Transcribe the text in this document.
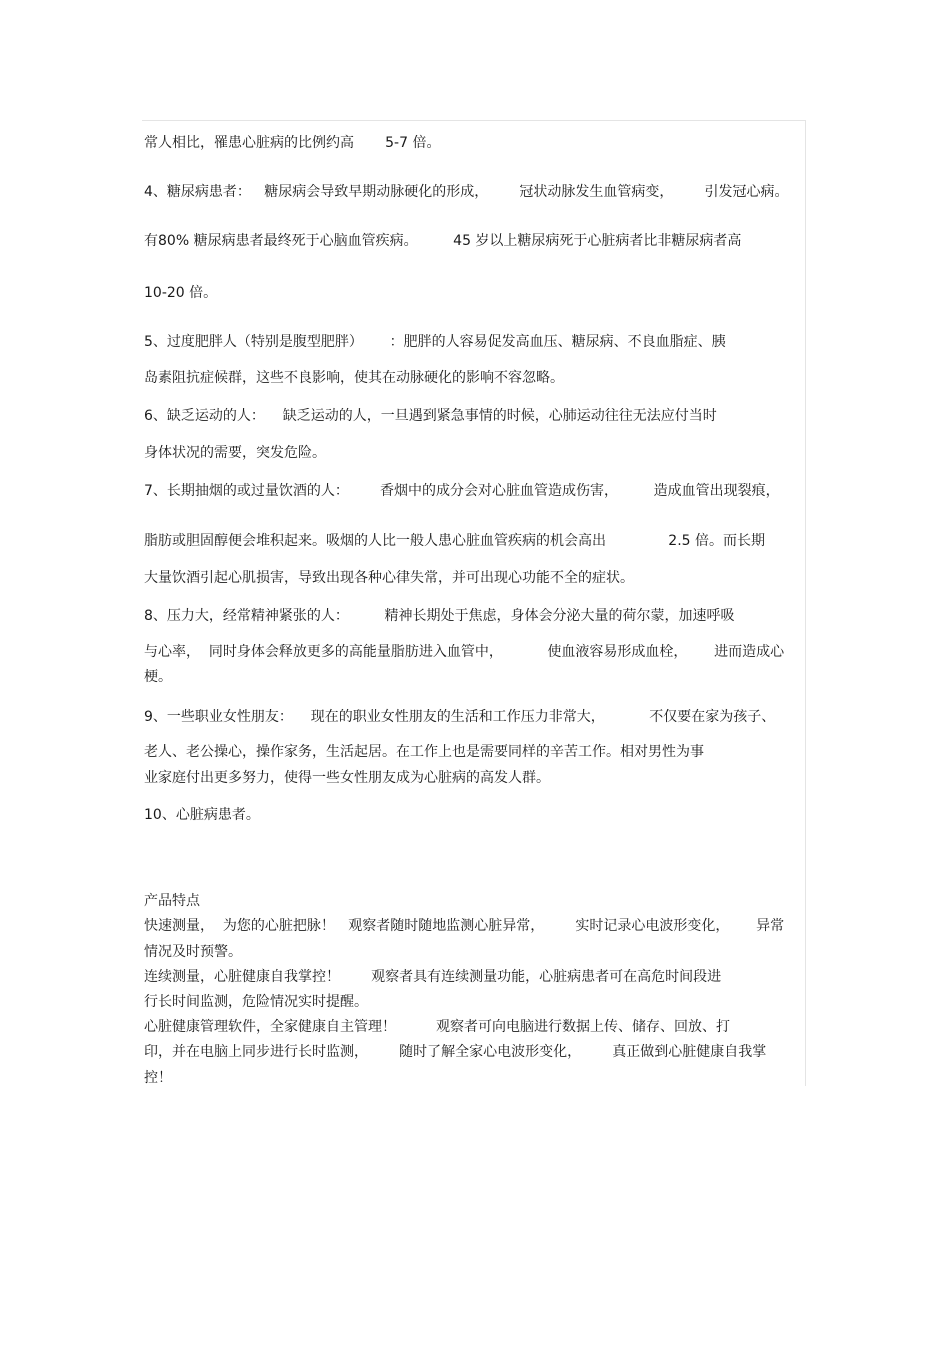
常人相比，罹患心脏病的比例约高       5-7 倍。
4、糖尿病患者：   糖尿病会导致早期动脉硬化的形成，       冠状动脉发生血管病变，       引发冠心病。
有80% 糖尿病患者最终死于心脑血管疾病。        45 岁以上糖尿病死于心脏病者比非糖尿病者高
10-20 倍。
5、过度肥胖人（特别是腹型肥胖）      ：肥胖的人容易促发高血压、糖尿病、不良血脂症、胰
岛素阻抗症候群，这些不良影响，使其在动脉硬化的影响不容忽略。
6、缺乏运动的人：    缺乏运动的人，一旦遇到紧急事情的时候，心肺运动往往无法应付当时
身体状况的需要，突发危险。
7、长期抽烟的或过量饮酒的人：       香烟中的成分会对心脏血管造成伤害，        造成血管出现裂痕，
脂肪或胆固醇便会堆积起来。吸烟的人比一般人患心脏血管疾病的机会高出              2.5 倍。而长期
大量饮酒引起心肌损害，导致出现各种心律失常，并可出现心功能不全的症状。
8、压力大，经常精神紧张的人：        精神长期处于焦虑，身体会分泌大量的荷尔蒙，加速呼吸
与心率，  同时身体会释放更多的高能量脂肪进入血管中，          使血液容易形成血栓，      进而造成心
梗。
9、一些职业女性朋友：    现在的职业女性朋友的生活和工作压力非常大，          不仅要在家为孩子、
老人、老公操心，操作家务，生活起居。在工作上也是需要同样的辛苦工作。相对男性为事
业家庭付出更多努力，使得一些女性朋友成为心脏病的高发人群。
10、心脏病患者。
产品特点
快速测量，  为您的心脏把脉！   观察者随时随地监测心脏异常，       实时记录心电波形变化，      异常
情况及时预警。
连续测量，心脏健康自我掌控！       观察者具有连续测量功能，心脏病患者可在高危时间段进
行长时间监测，危险情况实时提醒。
心脏健康管理软件，全家健康自主管理！         观察者可向电脑进行数据上传、储存、回放、打
印，并在电脑上同步进行长时监测，       随时了解全家心电波形变化，       真正做到心脏健康自我掌
控！
